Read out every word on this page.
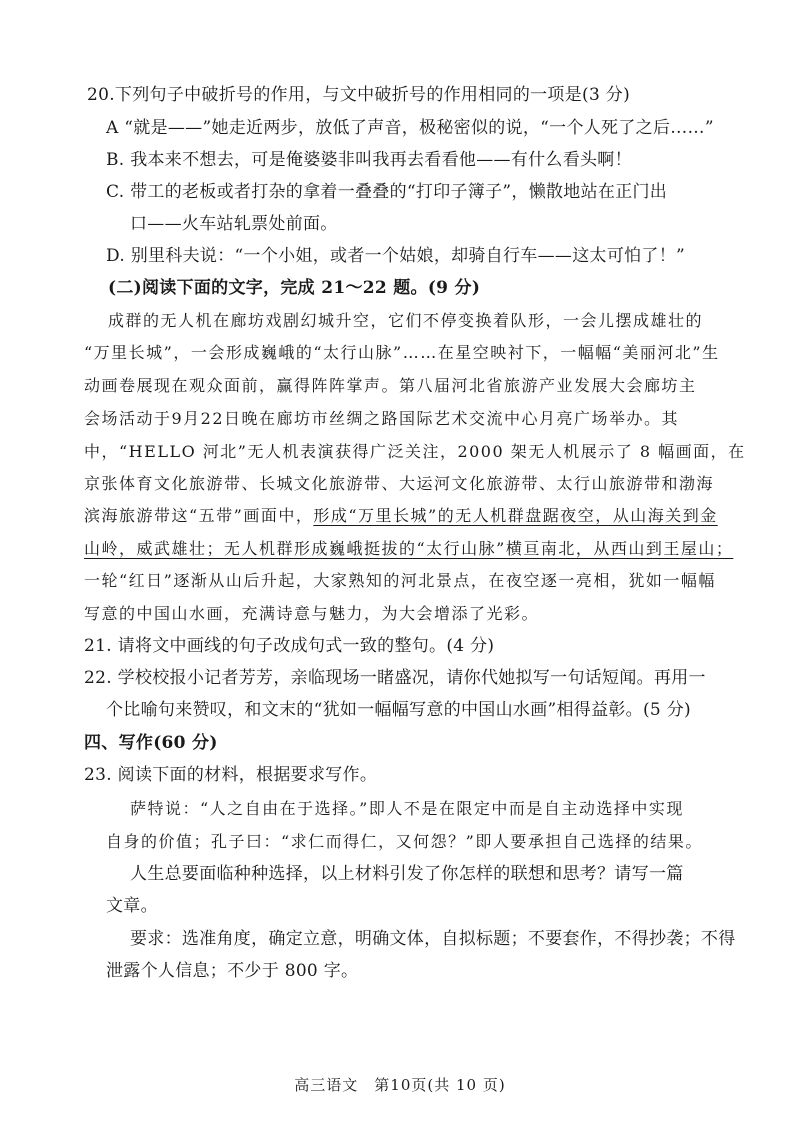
20.下列句子中破折号的作用，与文中破折号的作用相同的一项是(3 分)
A “就是——”她走近两步，放低了声音，极秘密似的说，“一个人死了之后……”
B. 我本来不想去，可是俺婆婆非叫我再去看看他——有什么看头啊！
C. 带工的老板或者打杂的拿着一叠叠的“打印子簿子”，懒散地站在正门出
口——火车站轧票处前面。
D. 别里科夫说：“一个小姐，或者一个姑娘，却骑自行车——这太可怕了！”
(二)阅读下面的文字，完成 21～22 题。(9 分)
成群的无人机在廊坊戏剧幻城升空，它们不停变换着队形，一会儿摆成雄壮的
“万里长城”，一会形成巍峨的“太行山脉”……在星空映衬下，一幅幅“美丽河北”生
动画卷展现在观众面前，赢得阵阵掌声。第八届河北省旅游产业发展大会廊坊主
会场活动于9月22日晚在廊坊市丝绸之路国际艺术交流中心月亮广场举办。其
中，“HELLO 河北”无人机表演获得广泛关注，2000 架无人机展示了 8 幅画面，在
京张体育文化旅游带、长城文化旅游带、大运河文化旅游带、太行山旅游带和渤海
滨海旅游带这“五带”画面中，形成“万里长城”的无人机群盘踞夜空，从山海关到金
山岭，威武雄壮；无人机群形成巍峨挺拔的“太行山脉”横亘南北，从西山到王屋山；
一轮“红日”逐渐从山后升起，大家熟知的河北景点，在夜空逐一亮相，犹如一幅幅
写意的中国山水画，充满诗意与魅力，为大会增添了光彩。
21. 请将文中画线的句子改成句式一致的整句。(4 分)
22. 学校校报小记者芳芳，亲临现场一睹盛况，请你代她拟写一句话短闻。再用一
个比喻句来赞叹，和文末的“犹如一幅幅写意的中国山水画”相得益彰。(5 分)
四、写作(60 分)
23. 阅读下面的材料，根据要求写作。
萨特说：“人之自由在于选择。”即人不是在限定中而是自主动选择中实现
自身的价值；孔子曰：“求仁而得仁，又何怨？”即人要承担自己选择的结果。
人生总要面临种种选择，以上材料引发了你怎样的联想和思考？请写一篇
文章。
要求：选准角度，确定立意，明确文体，自拟标题；不要套作，不得抄袭；不得
泄露个人信息；不少于 800 字。
高三语文　第10页(共 10 页)
